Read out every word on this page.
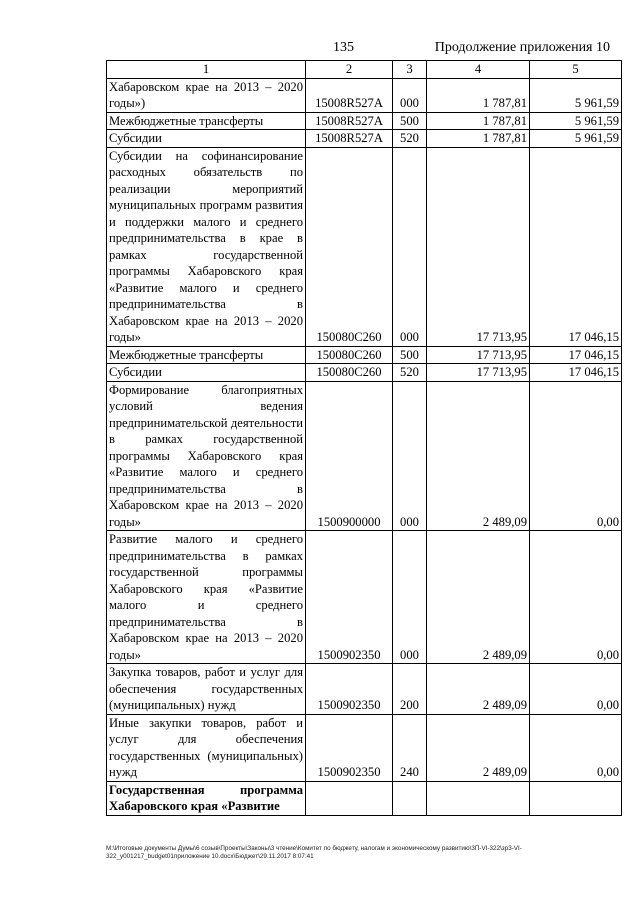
135	Продолжение приложения 10
1	2	3	4	5
Хабаровском крае на 2013 – 2020 годы»)	15008R527A	000	1 787,81	5 961,59
Межбюджетные трансферты	15008R527A	500	1 787,81	5 961,59
Субсидии	15008R527A	520	1 787,81	5 961,59
Субсидии на софинансирование расходных обязательств по реализации мероприятий муниципальных программ развития и поддержки малого и среднего предпринимательства в крае в рамках государственной программы Хабаровского края «Развитие малого и среднего предпринимательства в Хабаровском крае на 2013 – 2020 годы»	150080С260	000	17 713,95	17 046,15
Межбюджетные трансферты	150080С260	500	17 713,95	17 046,15
Субсидии	150080С260	520	17 713,95	17 046,15
Формирование благоприятных условий ведения предпринимательской деятельности в рамках государственной программы Хабаровского края «Развитие малого и среднего предпринимательства в Хабаровском крае на 2013 – 2020 годы»	1500900000	000	2 489,09	0,00
Развитие малого и среднего предпринимательства в рамках государственной программы Хабаровского края «Развитие малого и среднего предпринимательства в Хабаровском крае на 2013 – 2020 годы»	1500902350	000	2 489,09	0,00
Закупка товаров, работ и услуг для обеспечения государственных (муниципальных) нужд	1500902350	200	2 489,09	0,00
Иные закупки товаров, работ и услуг для обеспечения государственных (муниципальных) нужд	1500902350	240	2 489,09	0,00
Государственная программа Хабаровского края «Развитие				
M:\Итоговые документы Думы\6 созыв\Проекты\Законы\3 чтение\Комитет по бюджету, налогам и экономическому развитию\3П-VI-322\зр3-VI-322_у001217_budget01приложение 10.docx\Бюджет\29.11.2017 8:07:41
